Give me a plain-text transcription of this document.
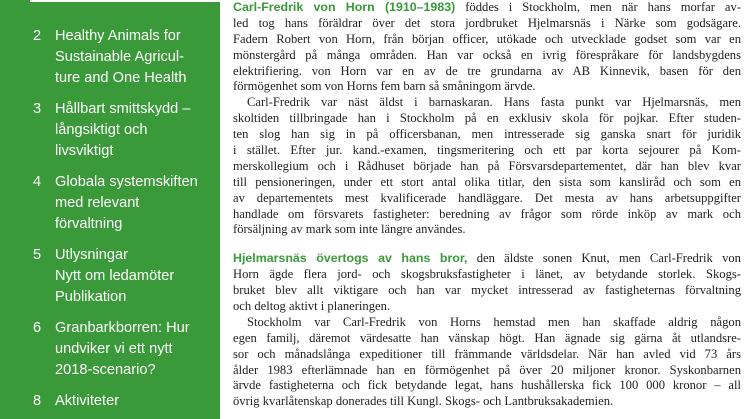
2 Healthy Animals for
Sustainable Agricul-
ture and One Health
3 Hållbart smittskydd –
långsiktigt och
livsviktigt
4 Globala systemskiften
med relevant
förvaltning
5 Utlysningar
Nytt om ledamöter
Publikation
6 Granbarkborren: Hur
undviker vi ett nytt
2018-scenario?
8 Aktiviteter
Carl-Fredrik von Horn (1910–1983) föddes i Stockholm, men när hans morfar av-
led tog hans föräldrar över det stora jordbruket Hjelmarsnäs i Närke som godsägare.
Fadern Robert von Horn, från början officer, utökade och utvecklade godset som var en
mönstergård på många områden. Han var också en ivrig förespråkare för landsbygdens
elektrifiering. von Horn var en av de tre grundarna av AB Kinnevik, basen för den
förmögenhet som von Horns fem barn så småningom ärvde.
Carl-Fredrik var näst äldst i barnaskaran. Hans fasta punkt var Hjelmarsnäs, men
skoltiden tillbringade han i Stockholm på en exklusiv skola för pojkar. Efter studen-
ten slog han sig in på officersbanan, men intresserade sig ganska snart för juridik
i stället. Efter jur. kand.-examen, tingsmeritering och ett par korta sejourer på Kom-
merskollegium och i Rådhuset började han på Försvarsdepartementet, där han blev kvar
till pensioneringen, under ett stort antal olika titlar, den sista som kansliråd och som en
av departementets mest kvalificerade handläggare. Det mesta av hans arbetsuppgifter
handlade om försvarets fastigheter: beredning av frågor som rörde inköp av mark och
försäljning av mark som inte längre användes.
Hjelmarsnäs övertogs av hans bror, den äldste sonen Knut, men Carl-Fredrik von
Horn ägde flera jord- och skogsbruksfastigheter i länet, av betydande storlek. Skogs-
bruket blev allt viktigare och han var mycket intresserad av fastigheternas förvaltning
och deltog aktivt i planeringen.
Stockholm var Carl-Fredrik von Horns hemstad men han skaffade aldrig någon
egen familj, däremot värdesatte han vänskap högt. Han ägnade sig gärna åt utlandsre-
sor och månadslånga expeditioner till främmande världsdelar. När han avled vid 73 års
ålder 1983 efterlämnade han en förmögenhet på över 20 miljoner kronor. Syskonbarnen
ärvde fastigheterna och fick betydande legat, hans hushållerska fick 100 000 kronor – all
övrig kvarlåtenskap donerades till Kungl. Skogs- och Lantbruksakademien.
